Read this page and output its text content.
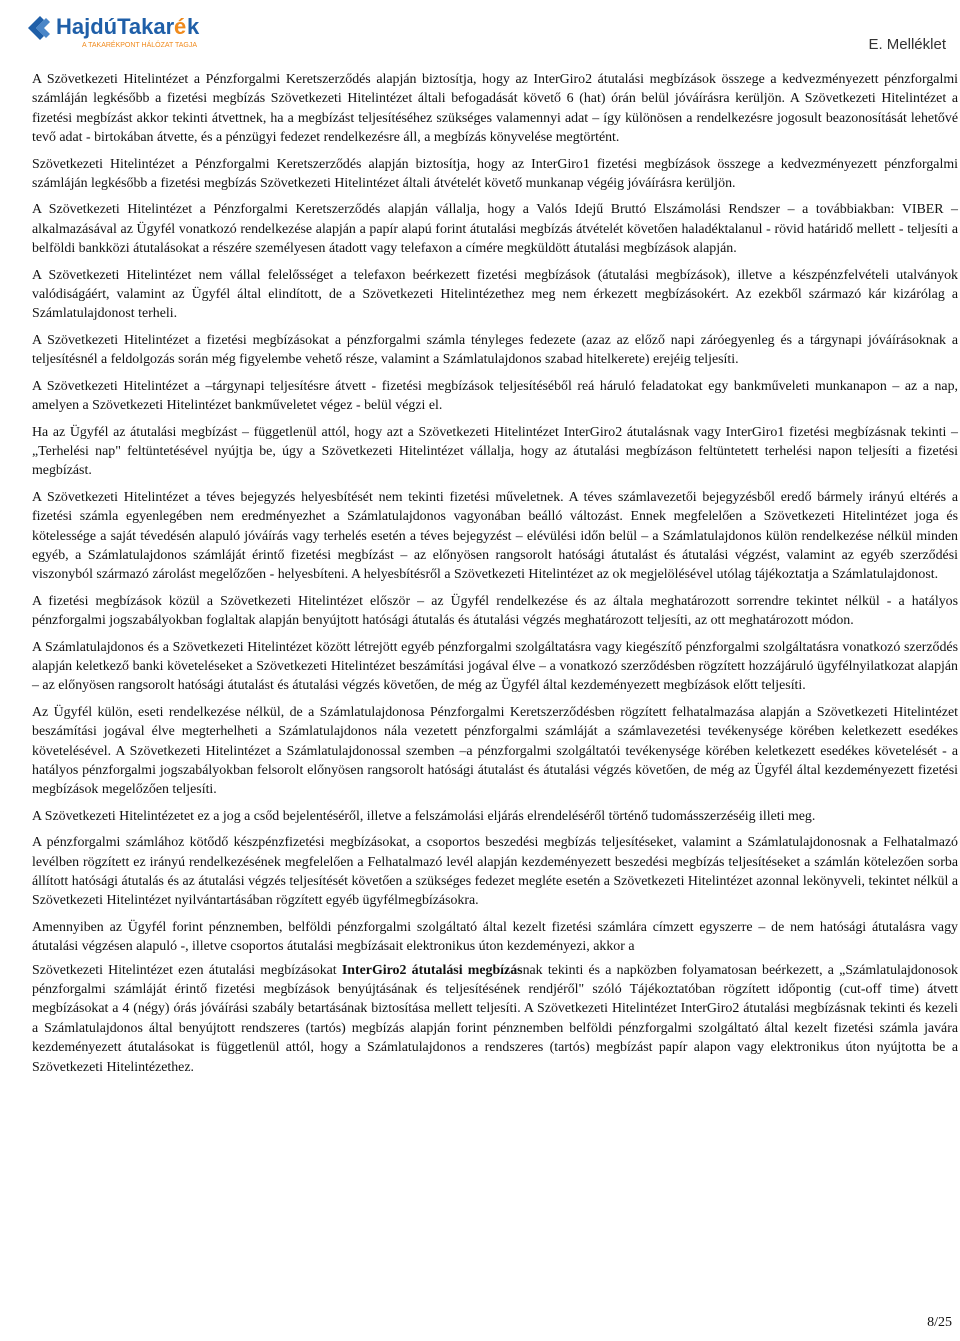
HajdúTakar é k
A TAKARÉKPONT HÁLÓZAT TAGJA	E. Melléklet

A Szövetkezeti Hitelintézet a Pénzforgalmi Keretszerződés alapján biztosítja, hogy az InterGiro2 átutalási megbízások összege a kedvezményezett pénzforgalmi számláján legkésőbb a fizetési megbízás Szövetkezeti Hitelintézet általi befogadását követő 6 (hat) órán belül jóváírásra kerüljön. A Szövetkezeti Hitelintézet a fizetési megbízást akkor tekinti átvettnek, ha a megbízást teljesítéséhez szükséges valamennyi adat – így különösen a rendelkezésre jogosult beazonosítását lehetővé tevő adat - birtokában átvette, és a pénzügyi fedezet rendelkezésre áll, a megbízás könyvelése megtörtént.

Szövetkezeti Hitelintézet a Pénzforgalmi Keretszerződés alapján biztosítja, hogy az InterGiro1 fizetési megbízások összege a kedvezményezett pénzforgalmi számláján legkésőbb a fizetési megbízás Szövetkezeti Hitelintézet általi átvételét követő munkanap végéig jóváírásra kerüljön.

A Szövetkezeti Hitelintézet a Pénzforgalmi Keretszerződés alapján vállalja, hogy a Valós Idejű Bruttó Elszámolási Rendszer – a továbbiakban: VIBER – alkalmazásával az Ügyfél vonatkozó rendelkezése alapján a papír alapú forint átutalási megbízás átvételét követően haladéktalanul - rövid határidő mellett - teljesíti a belföldi bankközi átutalásokat a részére személyesen átadott vagy telefaxon a címére megküldött átutalási megbízások alapján.

A Szövetkezeti Hitelintézet nem vállal felelősséget a telefaxon beérkezett fizetési megbízások (átutalási megbízások), illetve a készpénzfelvételi utalványok valódiságáért, valamint az Ügyfél által elindított, de a Szövetkezeti Hitelintézethez meg nem érkezett megbízásokért. Az ezekből származó kár kizárólag a Számlatulajdonost terheli.

A Szövetkezeti Hitelintézet a fizetési megbízásokat a pénzforgalmi számla tényleges fedezete (azaz az előző napi záróegyenleg és a tárgynapi jóváírásoknak a teljesítésnél a feldolgozás során még figyelembe vehető része, valamint a Számlatulajdonos szabad hitelkerete) erejéig teljesíti.

A Szövetkezeti Hitelintézet a –tárgynapi teljesítésre átvett - fizetési megbízások teljesítéséből reá háruló feladatokat egy bankműveleti munkanapon – az a nap, amelyen a Szövetkezeti Hitelintézet bankműveletet végez - belül végzi el.

Ha az Ügyfél az átutalási megbízást – függetlenül attól, hogy azt a Szövetkezeti Hitelintézet InterGiro2 átutalásnak vagy InterGiro1 fizetési megbízásnak tekinti – „Terhelési nap" feltüntetésével nyújtja be, úgy a Szövetkezeti Hitelintézet vállalja, hogy az átutalási megbízáson feltüntetett terhelési napon teljesíti a fizetési megbízást.

A Szövetkezeti Hitelintézet a téves bejegyzés helyesbítését nem tekinti fizetési műveletnek. A téves számlavezetői bejegyzésből eredő bármely irányú eltérés a fizetési számla egyenlegében nem eredményezhet a Számlatulajdonos vagyonában beálló változást. Ennek megfelelően a Szövetkezeti Hitelintézet joga és kötelessége a saját tévedésén alapuló jóváírás vagy terhelés esetén a téves bejegyzést – elévülési időn belül – a Számlatulajdonos külön rendelkezése nélkül minden egyéb, a Számlatulajdonos számláját érintő fizetési megbízást – az előnyösen rangsorolt hatósági átutalást és átutalási végzést, valamint az egyéb szerződési viszonyból származó zárolást megelőzően - helyesbíteni. A helyesbítésről a Szövetkezeti Hitelintézet az ok megjelölésével utólag tájékoztatja a Számlatulajdonost.

A fizetési megbízások közül a Szövetkezeti Hitelintézet először – az Ügyfél rendelkezése és az általa meghatározott sorrendre tekintet nélkül - a hatályos pénzforgalmi jogszabályokban foglaltak alapján benyújtott hatósági átutalás és átutalási végzés meghatározott teljesíti, az ott meghatározott módon.

A Számlatulajdonos és a Szövetkezeti Hitelintézet között létrejött egyéb pénzforgalmi szolgáltatásra vagy kiegészítő pénzforgalmi szolgáltatásra vonatkozó szerződés alapján keletkező banki követeléseket a Szövetkezeti Hitelintézet beszámítási jogával élve – a vonatkozó szerződésben rögzített hozzájáruló ügyfélnyilatkozat alapján – az előnyösen rangsorolt hatósági átutalást és átutalási végzés követően, de még az Ügyfél által kezdeményezett megbízások előtt teljesíti.

Az Ügyfél külön, eseti rendelkezése nélkül, de a Számlatulajdonosa Pénzforgalmi Keretszerződésben rögzített felhatalmazása alapján a Szövetkezeti Hitelintézet beszámítási jogával élve megterhelheti a Számlatulajdonos nála vezetett pénzforgalmi számláját a számlavezetési tevékenysége körében keletkezett esedékes követelésével. A Szövetkezeti Hitelintézet a Számlatulajdonossal szemben –a pénzforgalmi szolgáltatói tevékenysége körében keletkezett esedékes követelését - a hatályos pénzforgalmi jogszabályokban felsorolt előnyösen rangsorolt hatósági átutalást és átutalási végzés követően, de még az Ügyfél által kezdeményezett fizetési megbízások megelőzően teljesíti.

A Szövetkezeti Hitelintézetet ez a jog a csőd bejelentéséről, illetve a felszámolási eljárás elrendeléséről történő tudomásszerzéséig illeti meg.

A pénzforgalmi számlához kötődő készpénzfizetési megbízásokat, a csoportos beszedési megbízás teljesítéseket, valamint a Számlatulajdonosnak a Felhatalmazó levélben rögzített ez irányú rendelkezésének megfelelően a Felhatalmazó levél alapján kezdeményezett beszedési megbízás teljesítéseket a számlán kötelezően sorba állított hatósági átutalás és az átutalási végzés teljesítését követően a szükséges fedezet megléte esetén a Szövetkezeti Hitelintézet azonnal lekönyveli, tekintet nélkül a Szövetkezeti Hitelintézet nyilvántartásában rögzített egyéb ügyfélmegbízásokra.

Amennyiben az Ügyfél forint pénznemben, belföldi pénzforgalmi szolgáltató által kezelt fizetési számlára címzett egyszerre – de nem hatósági átutalásra vagy átutalási végzésen alapuló -, illetve csoportos átutalási megbízásait elektronikus úton kezdeményezi, akkor a

Szövetkezeti Hitelintézet ezen átutalási megbízásokat InterGiro2 átutalási megbízásnak tekinti és a napközben folyamatosan beérkezett, a „Számlatulajdonosok pénzforgalmi számláját érintő fizetési megbízások benyújtásának és teljesítésének rendjéről" szóló Tájékoztatóban rögzített időpontig (cut-off time) átvett megbízásokat a 4 (négy) órás jóváírási szabály betartásának biztosítása mellett teljesíti. A Szövetkezeti Hitelintézet InterGiro2 átutalási megbízásnak tekinti és kezeli a Számlatulajdonos által benyújtott rendszeres (tartós) megbízás alapján forint pénznemben belföldi pénzforgalmi szolgáltató által kezelt fizetési számla javára kezdeményezett átutalásokat is függetlenül attól, hogy a Számlatulajdonos a rendszeres (tartós) megbízást papír alapon vagy elektronikus úton nyújtotta be a Szövetkezeti Hitelintézethez.

8/25
